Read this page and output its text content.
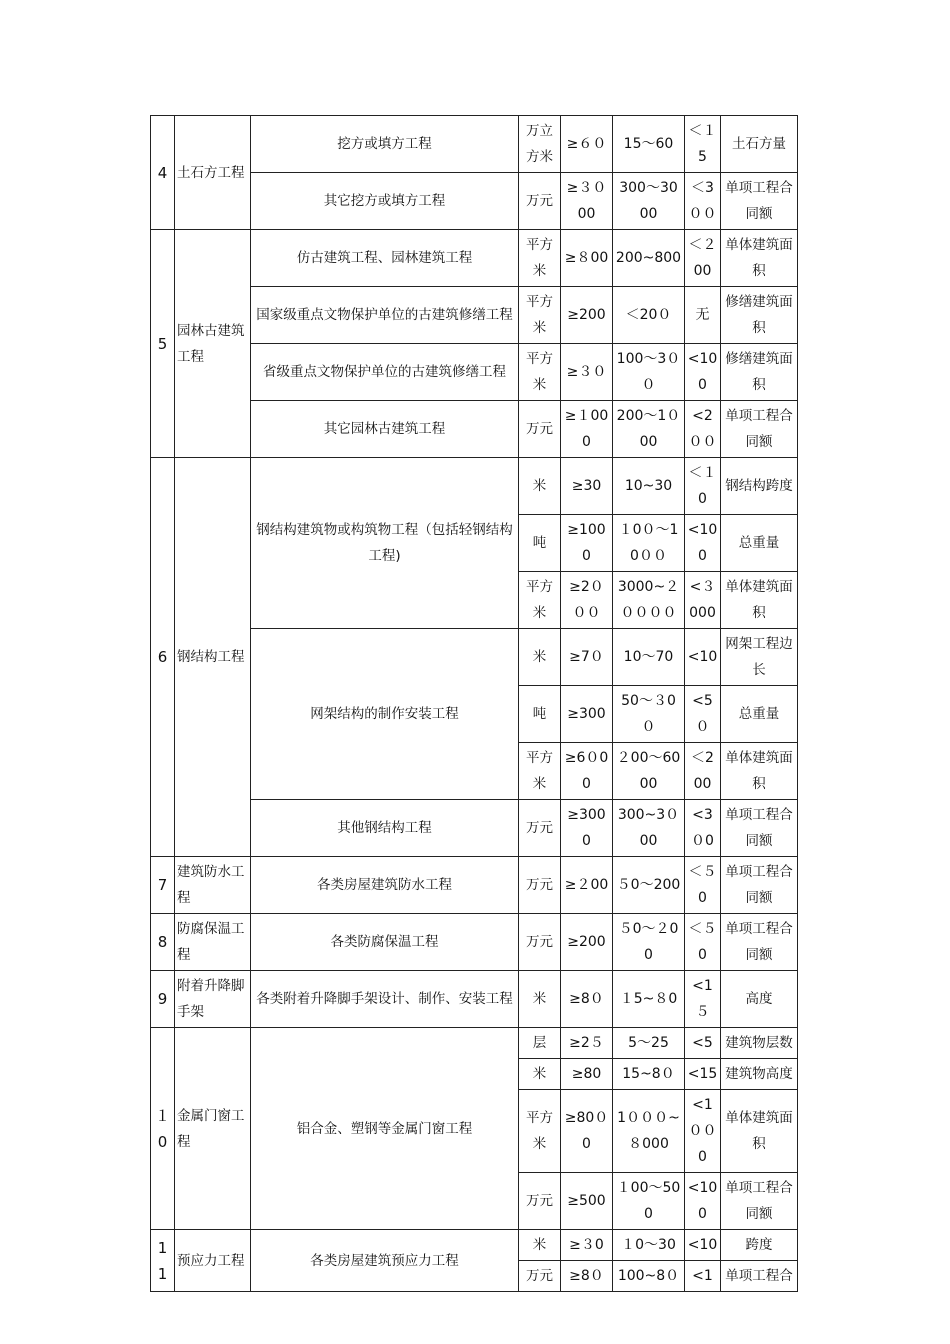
4	土石方工程	挖方或填方工程	万立方米	≥６０	15～60	＜１5	土石方量
		其它挖方或填方工程	万元	≥３０00	300～3000	＜3００	单项工程合同额
5	园林古建筑工程	仿古建筑工程、园林建筑工程	平方米	≥８00	200~800	＜２00	单体建筑面积
		国家级重点文物保护单位的古建筑修缮工程	平方米	≥200	＜20０	无	修缮建筑面积
		省级重点文物保护单位的古建筑修缮工程	平方米	≥３０	100～3００	<100	修缮建筑面积
		其它园林古建筑工程	万元	≥１000	200～1０00	<2００	单项工程合同额
6	钢结构工程	钢结构建筑物或构筑物工程（包括轻钢结构工程)	米	≥30	10~30	＜１0	钢结构跨度
			吨	≥1000	１0０～10００	<100	总重量
			平方米	≥2０００	3000~２００００	<３000	单体建筑面积
		网架结构的制作安装工程	米	≥7０	10～70	<10	网架工程边长
			吨	≥300	50～３0０	<5０	总重量
			平方米	≥6０00	２00～6000	＜200	单体建筑面积
		其他钢结构工程	万元	≥3000	300~3０00	<3０0	单项工程合同额
7	建筑防水工程	各类房屋建筑防水工程	万元	≥２00	５0～200	＜５0	单项工程合同额
8	防腐保温工程	各类防腐保温工程	万元	≥200	５0～２00	＜５0	单项工程合同额
9	附着升降脚手架	各类附着升降脚手架设计、制作、安装工程	米	≥8０	１5~８0	<1５	高度
１0	金属门窗工程	铝合金、塑钢等金属门窗工程	层	≥2５	5～25	<5	建筑物层数
			米	≥80	15~8０	<15	建筑物高度
			平方米	≥80０0	1０００~８000	<1００0	单体建筑面积
			万元	≥500	１00～500	<100	单项工程合同额
11	预应力工程	各类房屋建筑预应力工程	米	≥３0	１0～30	<10	跨度
			万元	≥8０	100~8０	<1	单项工程合
